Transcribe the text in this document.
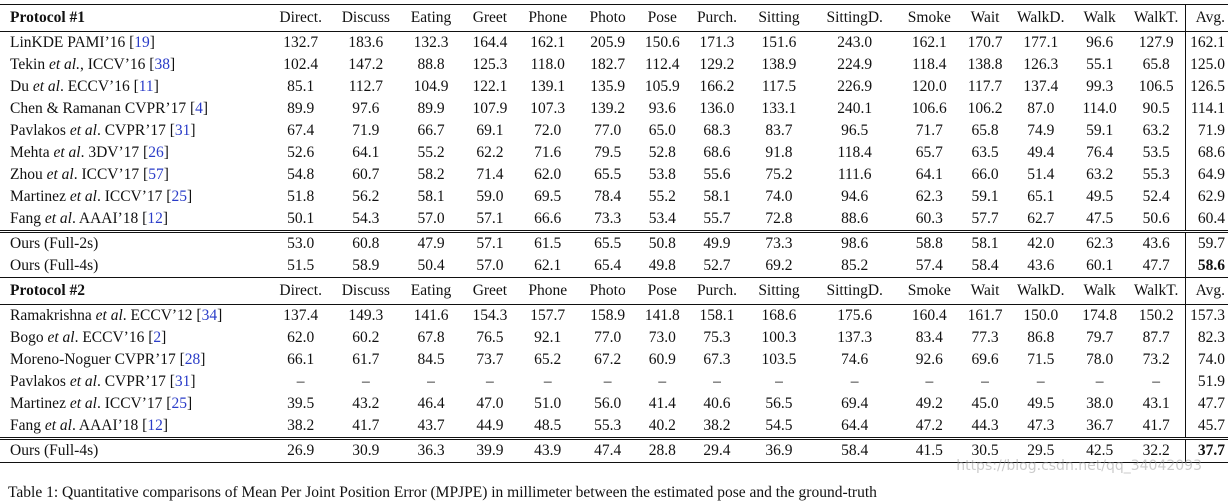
Protocol #1	Direct.	Discuss	Eating	Greet	Phone	Photo	Pose	Purch.	Sitting	SittingD.	Smoke	Wait	WalkD.	Walk	WalkT.	Avg.
LinKDE PAMI’16 [19]	132.7	183.6	132.3	164.4	162.1	205.9	150.6	171.3	151.6	243.0	162.1	170.7	177.1	96.6	127.9	162.1
Tekin et al., ICCV’16 [38]	102.4	147.2	88.8	125.3	118.0	182.7	112.4	129.2	138.9	224.9	118.4	138.8	126.3	55.1	65.8	125.0
Du et al. ECCV’16 [11]	85.1	112.7	104.9	122.1	139.1	135.9	105.9	166.2	117.5	226.9	120.0	117.7	137.4	99.3	106.5	126.5
Chen & Ramanan CVPR’17 [4]	89.9	97.6	89.9	107.9	107.3	139.2	93.6	136.0	133.1	240.1	106.6	106.2	87.0	114.0	90.5	114.1
Pavlakos et al. CVPR’17 [31]	67.4	71.9	66.7	69.1	72.0	77.0	65.0	68.3	83.7	96.5	71.7	65.8	74.9	59.1	63.2	71.9
Mehta et al. 3DV’17 [26]	52.6	64.1	55.2	62.2	71.6	79.5	52.8	68.6	91.8	118.4	65.7	63.5	49.4	76.4	53.5	68.6
Zhou et al. ICCV’17 [57]	54.8	60.7	58.2	71.4	62.0	65.5	53.8	55.6	75.2	111.6	64.1	66.0	51.4	63.2	55.3	64.9
Martinez et al. ICCV’17 [25]	51.8	56.2	58.1	59.0	69.5	78.4	55.2	58.1	74.0	94.6	62.3	59.1	65.1	49.5	52.4	62.9
Fang et al. AAAI’18 [12]	50.1	54.3	57.0	57.1	66.6	73.3	53.4	55.7	72.8	88.6	60.3	57.7	62.7	47.5	50.6	60.4
Ours (Full-2s)	53.0	60.8	47.9	57.1	61.5	65.5	50.8	49.9	73.3	98.6	58.8	58.1	42.0	62.3	43.6	59.7
Ours (Full-4s)	51.5	58.9	50.4	57.0	62.1	65.4	49.8	52.7	69.2	85.2	57.4	58.4	43.6	60.1	47.7	58.6
Protocol #2	Direct.	Discuss	Eating	Greet	Phone	Photo	Pose	Purch.	Sitting	SittingD.	Smoke	Wait	WalkD.	Walk	WalkT.	Avg.
Ramakrishna et al. ECCV’12 [34]	137.4	149.3	141.6	154.3	157.7	158.9	141.8	158.1	168.6	175.6	160.4	161.7	150.0	174.8	150.2	157.3
Bogo et al. ECCV’16 [2]	62.0	60.2	67.8	76.5	92.1	77.0	73.0	75.3	100.3	137.3	83.4	77.3	86.8	79.7	87.7	82.3
Moreno-Noguer CVPR’17 [28]	66.1	61.7	84.5	73.7	65.2	67.2	60.9	67.3	103.5	74.6	92.6	69.6	71.5	78.0	73.2	74.0
Pavlakos et al. CVPR’17 [31]	–	–	–	–	–	–	–	–	–	–	–	–	–	–	–	51.9
Martinez et al. ICCV’17 [25]	39.5	43.2	46.4	47.0	51.0	56.0	41.4	40.6	56.5	69.4	49.2	45.0	49.5	38.0	43.1	47.7
Fang et al. AAAI’18 [12]	38.2	41.7	43.7	44.9	48.5	55.3	40.2	38.2	54.5	64.4	47.2	44.3	47.3	36.7	41.7	45.7
Ours (Full-4s)	26.9	30.9	36.3	39.9	43.9	47.4	28.8	29.4	36.9	58.4	41.5	30.5	29.5	42.5	32.2	37.7
Table 1: Quantitative comparisons of Mean Per Joint Position Error (MPJPE) in millimeter between the estimated pose and the ground-truth
https://blog.csdn.net/qq_34042093
